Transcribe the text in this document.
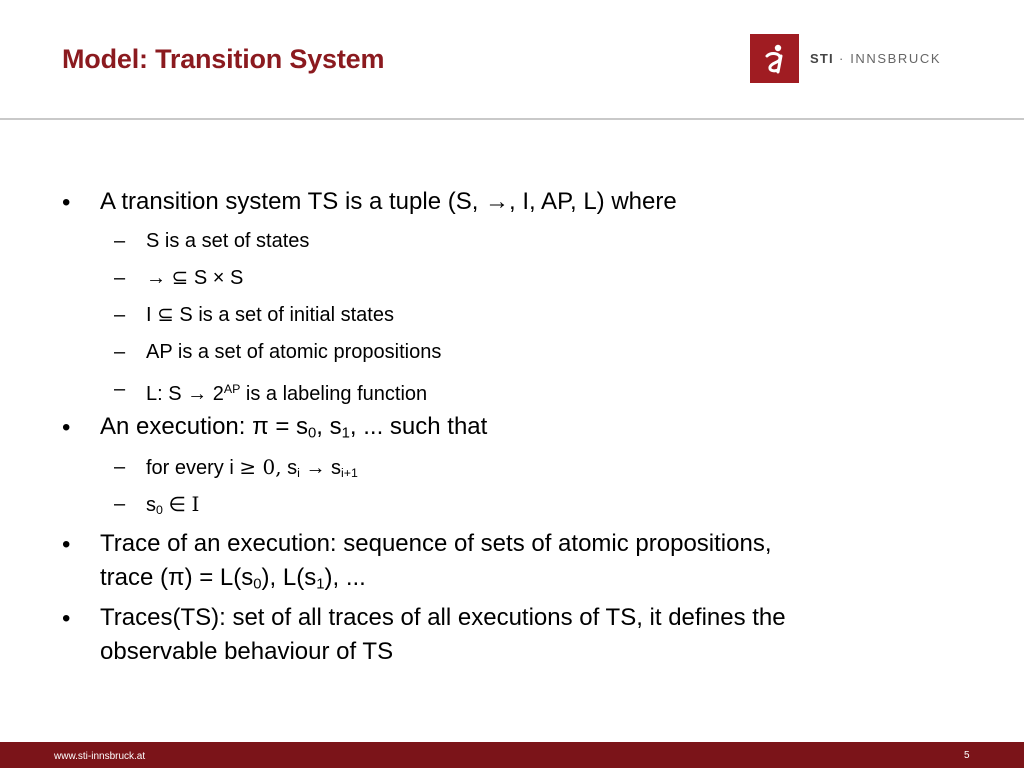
Model: Transition System	STI · INNSBRUCK
• A transition system TS is a tuple (S, →, I, AP, L) where
– S is a set of states
– → ⊆ S × S
– I ⊆ S is a set of initial states
– AP is a set of atomic propositions
– L: $S \to 2^{AP}$ is a labeling function
• An execution: $\pi = s_0$, $s_1$, ... such that
– for every i ≥ 0, $s_i \to s_{i+1}$
– $s_0$ ∈ I
• Trace of an execution: sequence of sets of atomic propositions,
trace $(\pi) = L(s_0)$, $L(s_1)$, ...
• Traces(TS): set of all traces of all executions of TS, it defines the
observable behaviour of TS
www.sti-innsbruck.at	5
